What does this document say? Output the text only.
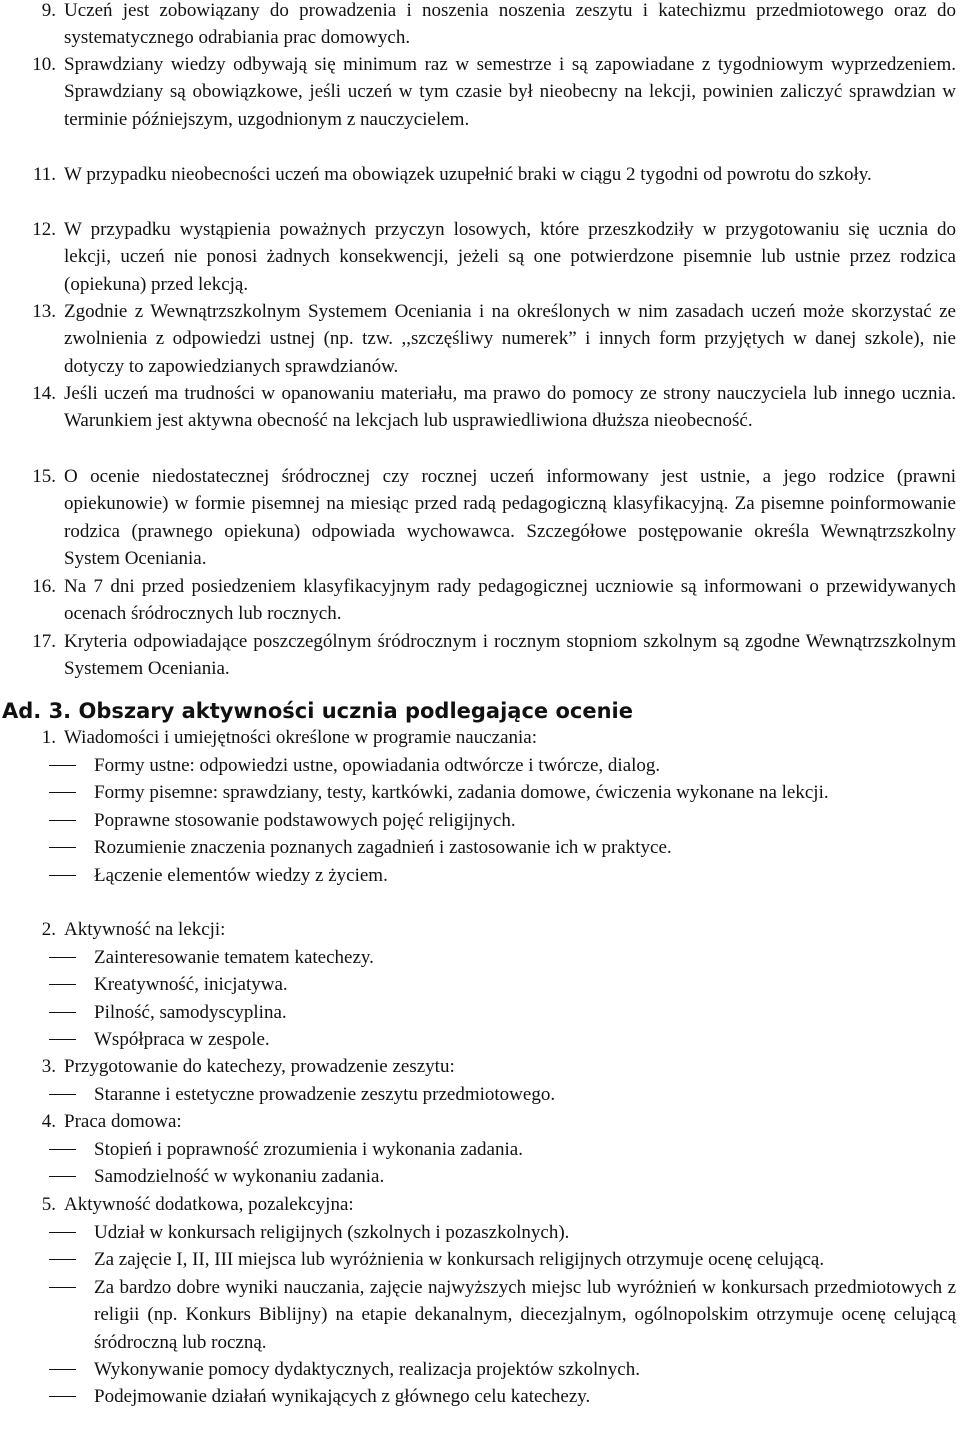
9. Uczeń jest zobowiązany do prowadzenia i noszenia noszenia zeszytu i katechizmu przedmiotowego oraz do systematycznego odrabiania prac domowych.
10. Sprawdziany wiedzy odbywają się minimum raz w semestrze i są zapowiadane z tygodniowym wyprzedzeniem. Sprawdziany są obowiązkowe, jeśli uczeń w tym czasie był nieobecny na lekcji, powinien zaliczyć sprawdzian w terminie późniejszym, uzgodnionym z nauczycielem.
11. W przypadku nieobecności uczeń ma obowiązek uzupełnić braki w ciągu 2 tygodni od powrotu do szkoły.
12. W przypadku wystąpienia poważnych przyczyn losowych, które przeszkodziły w przygotowaniu się ucznia do lekcji, uczeń nie ponosi żadnych konsekwencji, jeżeli są one potwierdzone pisemnie lub ustnie przez rodzica (opiekuna) przed lekcją.
13. Zgodnie z Wewnątrzszkolnym Systemem Oceniania i na określonych w nim zasadach uczeń może skorzystać ze zwolnienia z odpowiedzi ustnej (np. tzw. ,,szczęśliwy numerek” i innych form przyjętych w danej szkole), nie dotyczy to zapowiedzianych sprawdzianów.
14. Jeśli uczeń ma trudności w opanowaniu materiału, ma prawo do pomocy ze strony nauczyciela lub innego ucznia. Warunkiem jest aktywna obecność na lekcjach lub usprawiedliwiona dłuższa nieobecność.
15. O ocenie niedostatecznej śródrocznej czy rocznej uczeń informowany jest ustnie, a jego rodzice (prawni opiekunowie) w formie pisemnej na miesiąc przed radą pedagogiczną klasyfikacyjną. Za pisemne poinformowanie rodzica (prawnego opiekuna) odpowiada wychowawca. Szczegółowe postępowanie określa Wewnątrzszkolny System Oceniania.
16. Na 7 dni przed posiedzeniem klasyfikacyjnym rady pedagogicznej uczniowie są informowani o przewidywanych ocenach śródrocznych lub rocznych.
17. Kryteria odpowiadające poszczególnym śródrocznym i rocznym stopniom szkolnym są zgodne Wewnątrzszkolnym Systemem Oceniania.
Ad. 3. Obszary aktywności ucznia podlegające ocenie
1. Wiadomości i umiejętności określone w programie nauczania:
Formy ustne: odpowiedzi ustne, opowiadania odtwórcze i twórcze, dialog.
Formy pisemne: sprawdziany, testy, kartkówki, zadania domowe, ćwiczenia wykonane na lekcji.
Poprawne stosowanie podstawowych pojęć religijnych.
Rozumienie znaczenia poznanych zagadnień i zastosowanie ich w praktyce.
Łączenie elementów wiedzy z życiem.
2. Aktywność na lekcji:
Zainteresowanie tematem katechezy.
Kreatywność, inicjatywa.
Pilność, samodyscyplina.
Współpraca w zespole.
3. Przygotowanie do katechezy, prowadzenie zeszytu:
Staranne i estetyczne prowadzenie zeszytu przedmiotowego.
4. Praca domowa:
Stopień i poprawność zrozumienia i wykonania zadania.
Samodzielność w wykonaniu zadania.
5. Aktywność dodatkowa, pozalekcyjna:
Udział w konkursach religijnych (szkolnych i pozaszkolnych).
Za zajęcie I, II, III miejsca lub wyróżnienia w konkursach religijnych otrzymuje ocenę celującą.
Za bardzo dobre wyniki nauczania, zajęcie najwyższych miejsc lub wyróżnień w konkursach przedmiotowych z religii (np. Konkurs Biblijny) na etapie dekanalnym, diecezjalnym, ogólnopolskim otrzymuje ocenę celującą śródroczną lub roczną.
Wykonywanie pomocy dydaktycznych, realizacja projektów szkolnych.
Podejmowanie działań wynikających z głównego celu katechezy.
